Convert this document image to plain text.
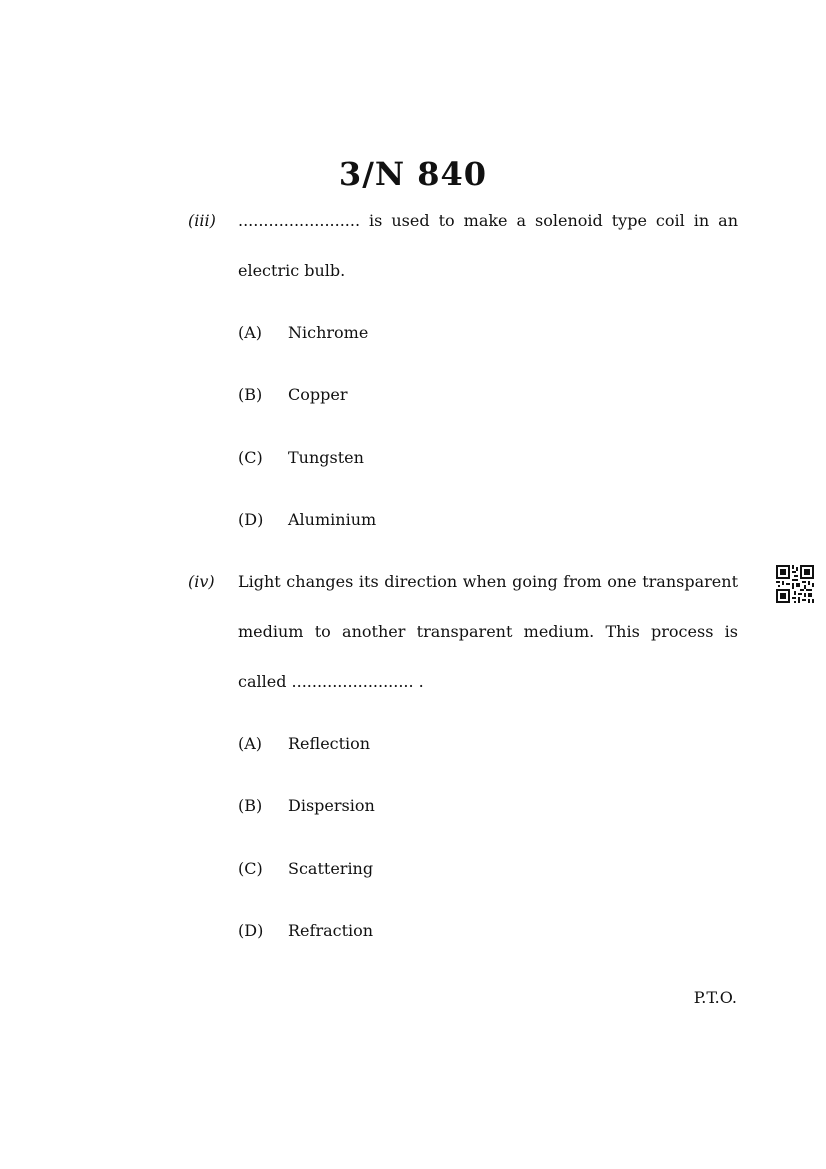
3/N 840
(iii) ........................ is used to make a solenoid type coil in an
electric bulb.
(A) Nichrome
(B) Copper
(C) Tungsten
(D) Aluminium
(iv) Light changes its direction when going from one transparent
medium to another transparent medium. This process is
called ........................ .
(A) Reflection
(B) Dispersion
(C) Scattering
(D) Refraction
P.T.O.
